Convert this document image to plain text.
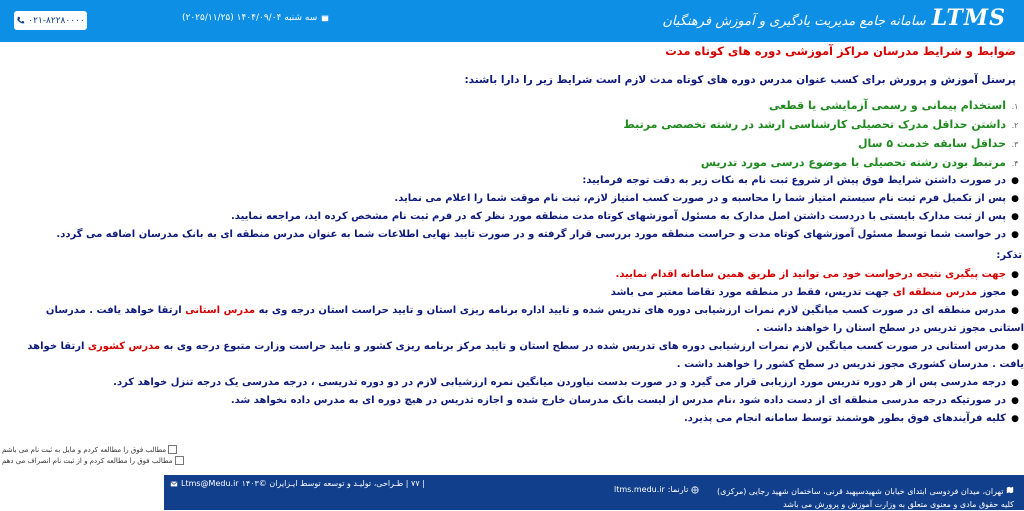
LTMS
سامانه جامع مدیریت یادگیری و آموزش فرهنگیان
سه شنبه ۱۴۰۴/۰۹/۰۴ (۲۰۲۵/۱۱/۲۵)
۰۲۱-۸۲۲۸۰۰۰۰
ضوابط و شرایط مدرسان مراکز آموزشی دوره های کوتاه مدت
پرسنل آموزش و پرورش برای کسب عنوان مدرس دوره های کوتاه مدت لازم است شرایط زیر را دارا باشند:
۱.استخدام پیمانی و رسمی آزمایشی یا قطعی
۲.داشتن حداقل مدرک تحصیلی کارشناسی ارشد در رشته تخصصی مرتبط
۳.حداقل سابقه خدمت ۵ سال
۴.مرتبط بودن رشته تحصیلی با موضوع درسی مورد تدریس
●در صورت داشتن شرایط فوق پیش از شروع ثبت نام به نکات زیر به دقت توجه فرمایید:
●پس از تکمیل فرم ثبت نام سیستم امتیاز شما را محاسبه و در صورت کسب امتیاز لازم، ثبت نام موقت شما را اعلام می نماید.
●پس از ثبت مدارک بایستی با دردست داشتن اصل مدارک به مسئول آموزشهای کوتاه مدت منطقه مورد نظر که در فرم ثبت نام مشخص کرده اید، مراجعه نمایید.
●در خواست شما توسط مسئول آموزشهای کوتاه مدت و حراست منطقه مورد بررسی قرار گرفته و در صورت تایید نهایی اطلاعات شما به عنوان مدرس منطقه ای به بانک مدرسان اضافه می گردد.
تذکر:
●جهت پیگیری نتیجه درخواست خود می توانید از طریق همین سامانه اقدام نمایید.
●مجوز مدرس منطقه ای جهت تدریس، فقط در منطقه مورد تقاضا معتبر می باشد
●مدرس منطقه ای در صورت کسب میانگین لازم نمرات ارزشیابی دوره های تدریس شده و تایید اداره برنامه ریزی استان و تایید حراست استان درجه وی به مدرس استانی ارتقا خواهد یافت . مدرسان استانی مجوز تدریس در سطح استان را خواهند داشت .
●مدرس استانی در صورت کسب میانگین لازم نمرات ارزشیابی دوره های تدریس شده در سطح استان و تایید مرکز برنامه ریزی کشور و تایید حراست وزارت متبوع درجه وی به مدرس کشوری ارتقا خواهد یافت . مدرسان کشوری مجوز تدریس در سطح کشور را خواهند داشت .
●درجه مدرسی پس از هر دوره تدریس مورد ارزیابی قرار می گیرد و در صورت بدست نیاوردن میانگین نمره ارزشیابی لازم در دو دوره تدریسی ، درجه مدرسی یک درجه تنزل خواهد کرد.
●در صورتیکه درجه مدرسی منطقه ای از دست داده شود ،نام مدرس از لیست بانک مدرسان خارج شده و اجازه تدریس در هیچ دوره ای به مدرس داده نخواهد شد.
●کلیه فرآیندهای فوق بطور هوشمند توسط سامانه انجام می پذیرد.
مطالب فوق را مطالعه کردم و مایل به ثبت نام می باشم
مطالب فوق را مطالعه کردم و از ثبت نام انصراف می دهم
تهران، میدان فردوسی ابتدای خیابان شهیدسپهبد قرنی، ساختمان شهید رجایی (مرکزی)
کلیه حقوق مادی و معنوی متعلق به وزارت آموزش و پرورش می باشد
تارنما:
ltms.medu.ir
| ۷۷ | طـراحی، تولیـد و توسعه توسط ایـزایران ©۱۴۰۳
Ltms@Medu.ir
